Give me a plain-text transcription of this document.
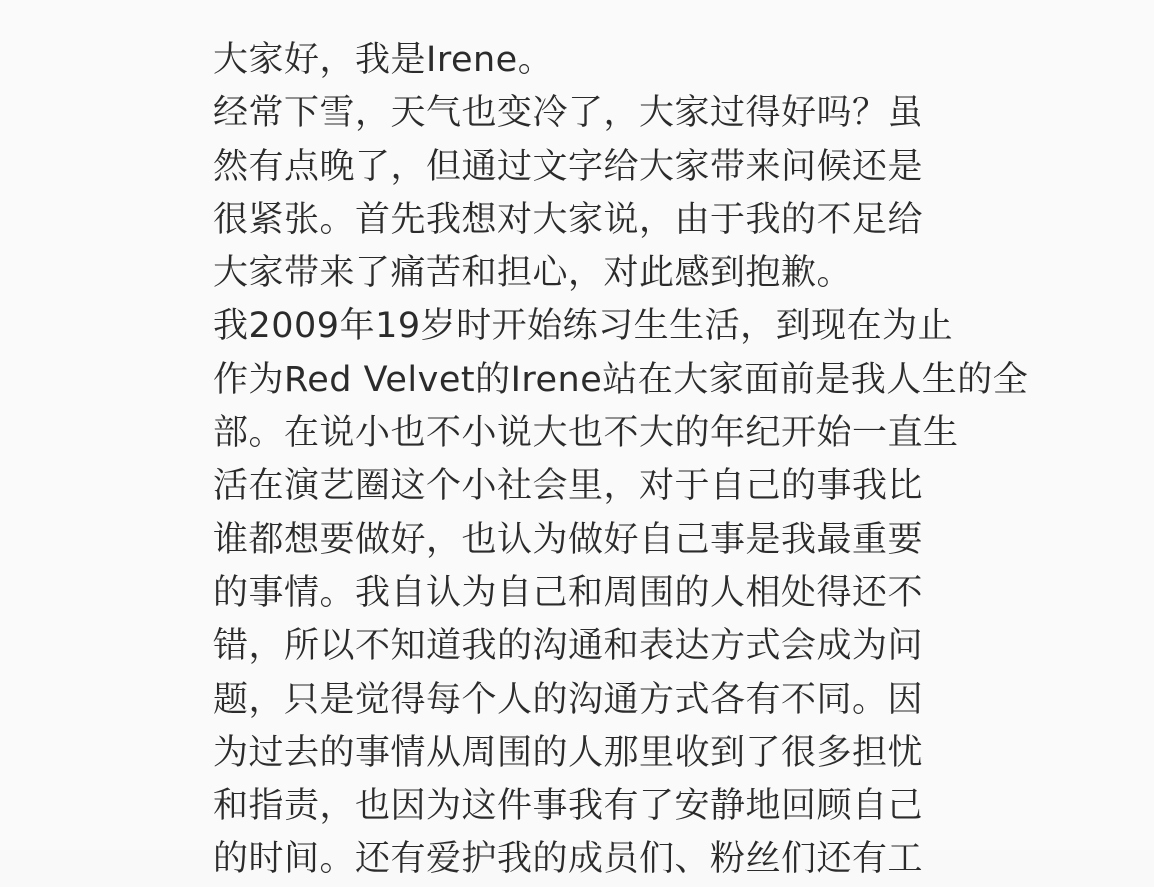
大家好，我是Irene。
经常下雪，天气也变冷了，大家过得好吗？虽
然有点晚了，但通过文字给大家带来问候还是
很紧张。首先我想对大家说，由于我的不足给
大家带来了痛苦和担心，对此感到抱歉。
我2009年19岁时开始练习生生活，到现在为止
作为Red Velvet的Irene站在大家面前是我人生的全
部。在说小也不小说大也不大的年纪开始一直生
活在演艺圈这个小社会里，对于自己的事我比
谁都想要做好，也认为做好自己事是我最重要
的事情。我自认为自己和周围的人相处得还不
错，所以不知道我的沟通和表达方式会成为问
题，只是觉得每个人的沟通方式各有不同。因
为过去的事情从周围的人那里收到了很多担忧
和指责，也因为这件事我有了安静地回顾自己
的时间。还有爱护我的成员们、粉丝们还有工
